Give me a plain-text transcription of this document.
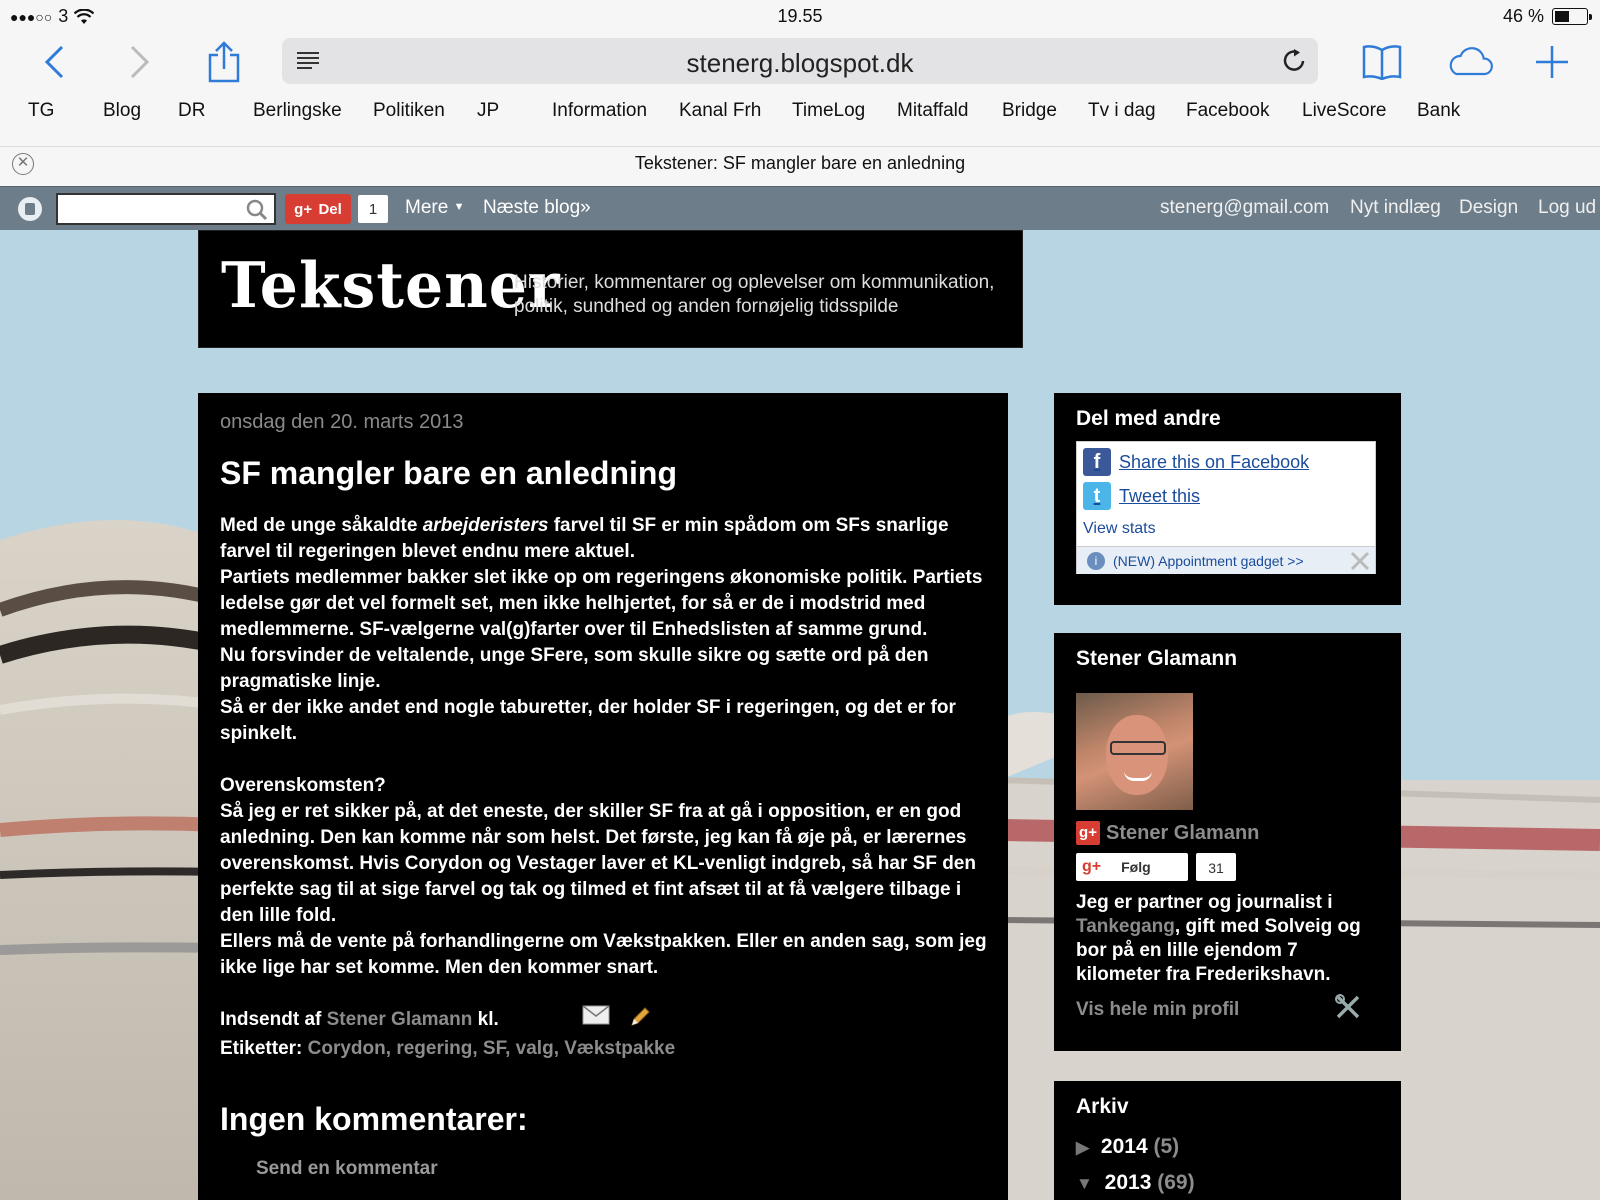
●●●○○ 3	19.55	46 %
stenerg.blogspot.dk
TG	Blog DR	Berlingske Politiken JP	Information Kanal Frh TimeLog Mitaffald Bridge Tv i dag Facebook LiveScore Bank
✕	Tekstener: SF mangler bare en anledning
g+ Del	1	Mere ▼ Næste blog»	stenerg@gmail.com Nyt indlæg Design Log ud
Tekstener
Historier, kommentarer og oplevelser om kommunikation, politik, sundhed og anden fornøjelig tidsspilde
onsdag den 20. marts 2013
SF mangler bare en anledning

Med de unge såkaldte arbejderisters farvel til SF er min spådom om SFs snarlige farvel til regeringen blevet endnu mere aktuel.

Partiets medlemmer bakker slet ikke op om regeringens økonomiske politik. Partiets ledelse gør det vel formelt set, men ikke helhjertet, for så er de i modstrid med medlemmerne. SF-vælgerne val(g)farter over til Enhedslisten af samme grund.

Nu forsvinder de veltalende, unge SFere, som skulle sikre og sætte ord på den pragmatiske linje.

Så er der ikke andet end nogle taburetter, der holder SF i regeringen, og det er for spinkelt.

Overenskomsten?

Så jeg er ret sikker på, at det eneste, der skiller SF fra at gå i opposition, er en god anledning. Den kan komme når som helst. Det første, jeg kan få øje på, er lærernes overenskomst. Hvis Corydon og Vestager laver et KL-venligt indgreb, så har SF den perfekte sag til at sige farvel og tak og tilmed et fint afsæt til at få vælgere tilbage i den lille fold.

Ellers må de vente på forhandlingerne om Vækstpakken. Eller en anden sag, som jeg ikke lige har set komme. Men den kommer snart.

Indsendt af Stener Glamann kl.
Etiketter: Corydon, regering, SF, valg, Vækstpakke
Ingen kommentarer:
Send en kommentar
Del med andre
f	Share this on Facebook
t	Tweet this
View stats
i	(NEW) Appointment gadget >>
Stener Glamann
g+ Stener Glamann
g+ Følg	31
Jeg er partner og journalist i Tankegang, gift med Solveig og bor på en lille ejendom 7 kilometer fra Frederikshavn.
Vis hele min profil
Arkiv
▶ 2014 (5)
▼ 2013 (69)
